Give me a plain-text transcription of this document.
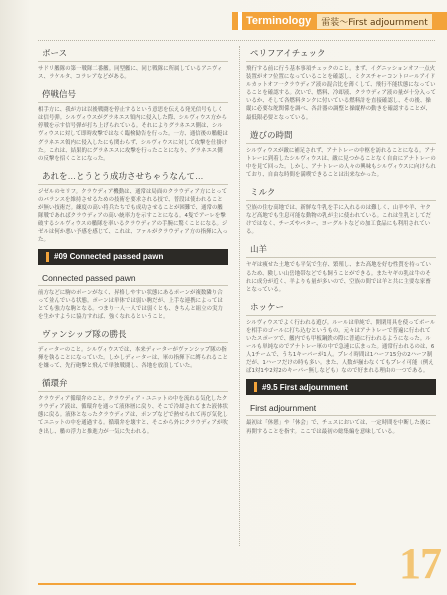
Terminology	雷装〜First adjournment
ボース
サドリ艦隊の第一戦隊二番艦。同型艦に、同じ戦隊に所属しているアニヴィス、ラケルタ、コラレアなどがある。
停戦信号
相手方に、我が方は以後戦闘を停止するという意思を伝える発光信号もしくは信号弾。シルヴィウスがグラネエス領内に侵入した際、シルヴィウス方から停戦を示す信号弾が打ち上げられている。それによりグラネエス側は、シルヴィウスに対して即時攻撃ではなく臨検勧告を行った。一方、通信後の艦艇はグラネエス領内に侵入したにも関わらず、シルヴィウスに対して攻撃を仕掛けた。これは、結果的にグラネエスに攻撃を行ったことになり、グラネエス側の反撃を招くことになった。
あれを…とうとう成功させちゃうなんて…
ジゼルのセリフ。クラウディア機動は、通常は局面のクラウディア方にとってのバランスを維持させるための技術を要求される技で、普段は使われることが無い技術だ。練度の高い将兵たちでも成功させることが困難で、通常の艦隊戦であればクラウディアの高い統率力を示すことになる。4隻でアーレを撃破するシルヴィウスの艦隊を率いるクラウディアの手腕に驚くことになる。ジゼルは何か悪い予感を感じて、これは、ファルがクラウディア方の指揮に入った。
#09 Connected passed pawn
Connected passed pawn
前方などに駒のポーンがなく、昇格しやすい状態にあるポーンが複数隣り合って並んでいる状態。ポーンは単体では弱い駒だが、上手な連携によってはとても強力な駒となる。つまり一人一人では弱くとも、きちんと組立の実力を生かすように協力すれば、強くなれるということ。
ヴァンシップ隊の勝長
ディーターのこと。シルヴィウスでは、本来ディーターがヴァンシップ隊の指揮を執ることになっていた。しかしディーターは、軍の指揮下に縛られることを嫌って、先行砲撃と飛んで単独戦闘し、各地を放浪していた。
循環弁
クラウディア循環弁のこと。クラウディア・ユニットの中を流れる気化したクラウディア液は、循環弁を通って液体層に戻り、そこで冷却されてまた液体状態に戻る。液体となったクラウディアは、ポンプなどで熱せられて再び気化してユニットの中を通過する。循環弁を壊すと、そこから外にクラウディアが吹き出し、艦の浮力と推進力が一気に失われる。
ペリフアイチェック
飛行する前に行う基本事項チェックのこと。まず、イグニッションオフ一点火装置がオフ位置になっていることを確認し、ミクスチャーコントロールアイドルカットオフ一クラウディア液の混合比を薄くして、飛行不能状態になっていることを確認する。次いで、燃料、冷却液、クラウディア液の量が十分入っているか、そして各燃料タンクに付いている燃料計を直接確認し、その後、操縦に必要な舵関係を調べ、各計器の調整と操縦桿の動きを確認することが、最低限必要となっている。
遊びの時間
シルヴィウスが敵に補足されず、アナトレーの中枢を訪れることになる。アナトレーに到着したシルヴィウスは、敵に見つかることなく自由にアナトレーの中を見て回った。しかし、アナトレーの人々の興味もシルヴィウスに向けられており、自由な時間を満喫できることは出来なかった。
ミルク
空族の住む高地では、新鮮な牛乳を手に入れるのは難しく、山羊や羊、ヤクなど高地でも生息可能な動物の乳が主に使われている。これは生乳としてだけではなく、チーズやバター、ヨーグルトなどの加工食品にも利用されている。
山羊
ヤギは痩せた土地でも平気で生存、繁殖し、また高地を好む性質を持っているため、険しい山岳地帯などでも飼うことができる。またヤギの乳は牛のそれに成分が近く、羊よりも量が多いので、空族の間では羊と共に主要な家畜となっている。
ホッケー
シルヴィウスでよく行われる遊び。ルールは単純で、開閉用具を使ってボールを相手のゴールに打ち込むというもの。元々はアナトレーで普遍に行われていたスポーツで、艦内でも甲板鋼鉄の際に普通に行われるようになった。ルールも単純なのでアナトレー軍の中で急速に広まった。通常行われるのは、6人1チームで、うち1キーパーが1人。プレイ時間は1ハーフ15分の2ハーフ制だが、1ハーフだけの時も多い。また、人数が揃わなくてもプレイ可能（例えば1対1や2対2のキーパー無しなども）なので好まれる理由の一つである。
#9.5 First adjournment
First adjournment
最初は「休憩」や「休会」で、チェスにおいては、一定時間を中断した後に再開することを指す。ここでは最初の総集編を意味している。
17
